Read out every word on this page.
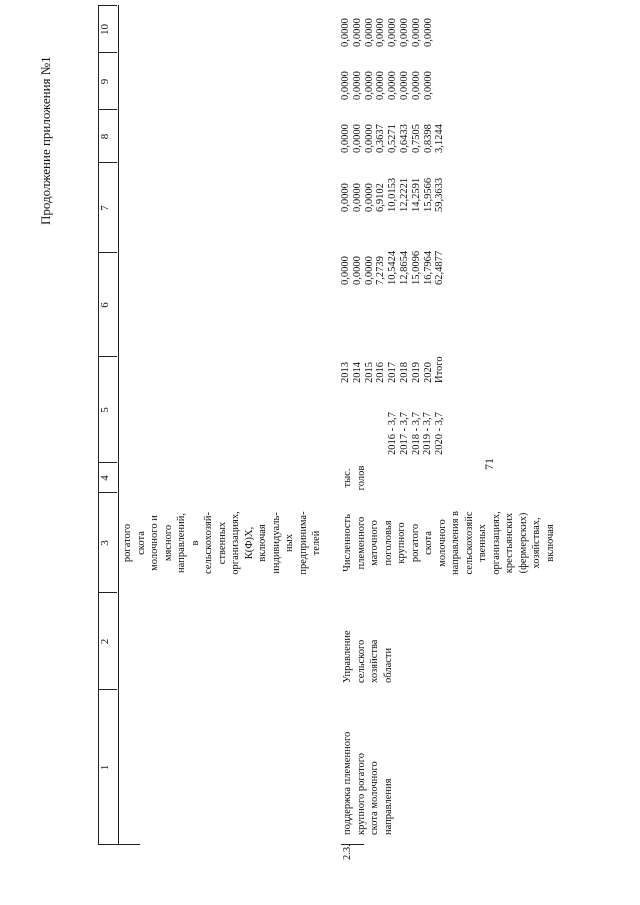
71
Продолжение приложения №1
1
2
3
4
5
6
7
8
9
10
рогатого скота молочного и мясного направлений, в сельскохозяй- ственных организациях, К(Ф)Х, включая индивидуаль- ных предпринима- телей
2.3.
поддержка племенного крупного рогатого скота молочного направления
Управление сельского хозяйства области
Численность племенного маточного поголовья крупного рогатого скота молочного направления в сельскохозяйс твенных организациях, крестьянских (фермерских) хозяйствах, включая
тыс. голов
2016 - 3,7 2017 - 3,7 2018 - 3,7 2019 - 3,7 2020 - 3,7
2013 2014 2015 2016 2017 2018 2019 2020 Итого
0,0000 0,0000 0,0000 7,2739 10,5424 12,8654 15,0096 16,7964 62,4877
0,0000 0,0000 0,0000 6,9102 10,0153 12,2221 14,2591 15,9566 59,3633
0,0000 0,0000 0,0000 0,3637 0,5271 0,6433 0,7505 0,8398 3,1244
0,0000 0,0000 0,0000 0,0000 0,0000 0,0000 0,0000 0,0000
0,0000 0,0000 0,0000 0,0000 0,0000 0,0000 0,0000 0,0000
